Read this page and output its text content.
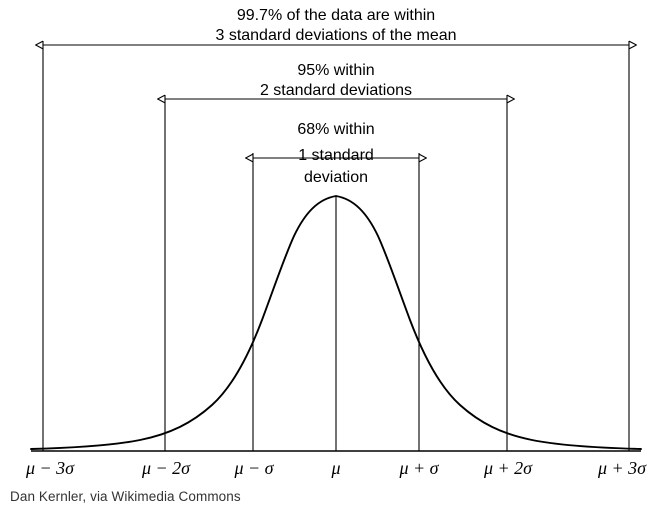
99.7% of the data are within
3 standard deviations of the mean
95% within
2 standard deviations
68% within
1 standard
deviation
μ − 3σ	μ − 2σ μ − σ	μ	μ + σ	μ + 2σ	μ + 3σ
Dan Kernler, via Wikimedia Commons
